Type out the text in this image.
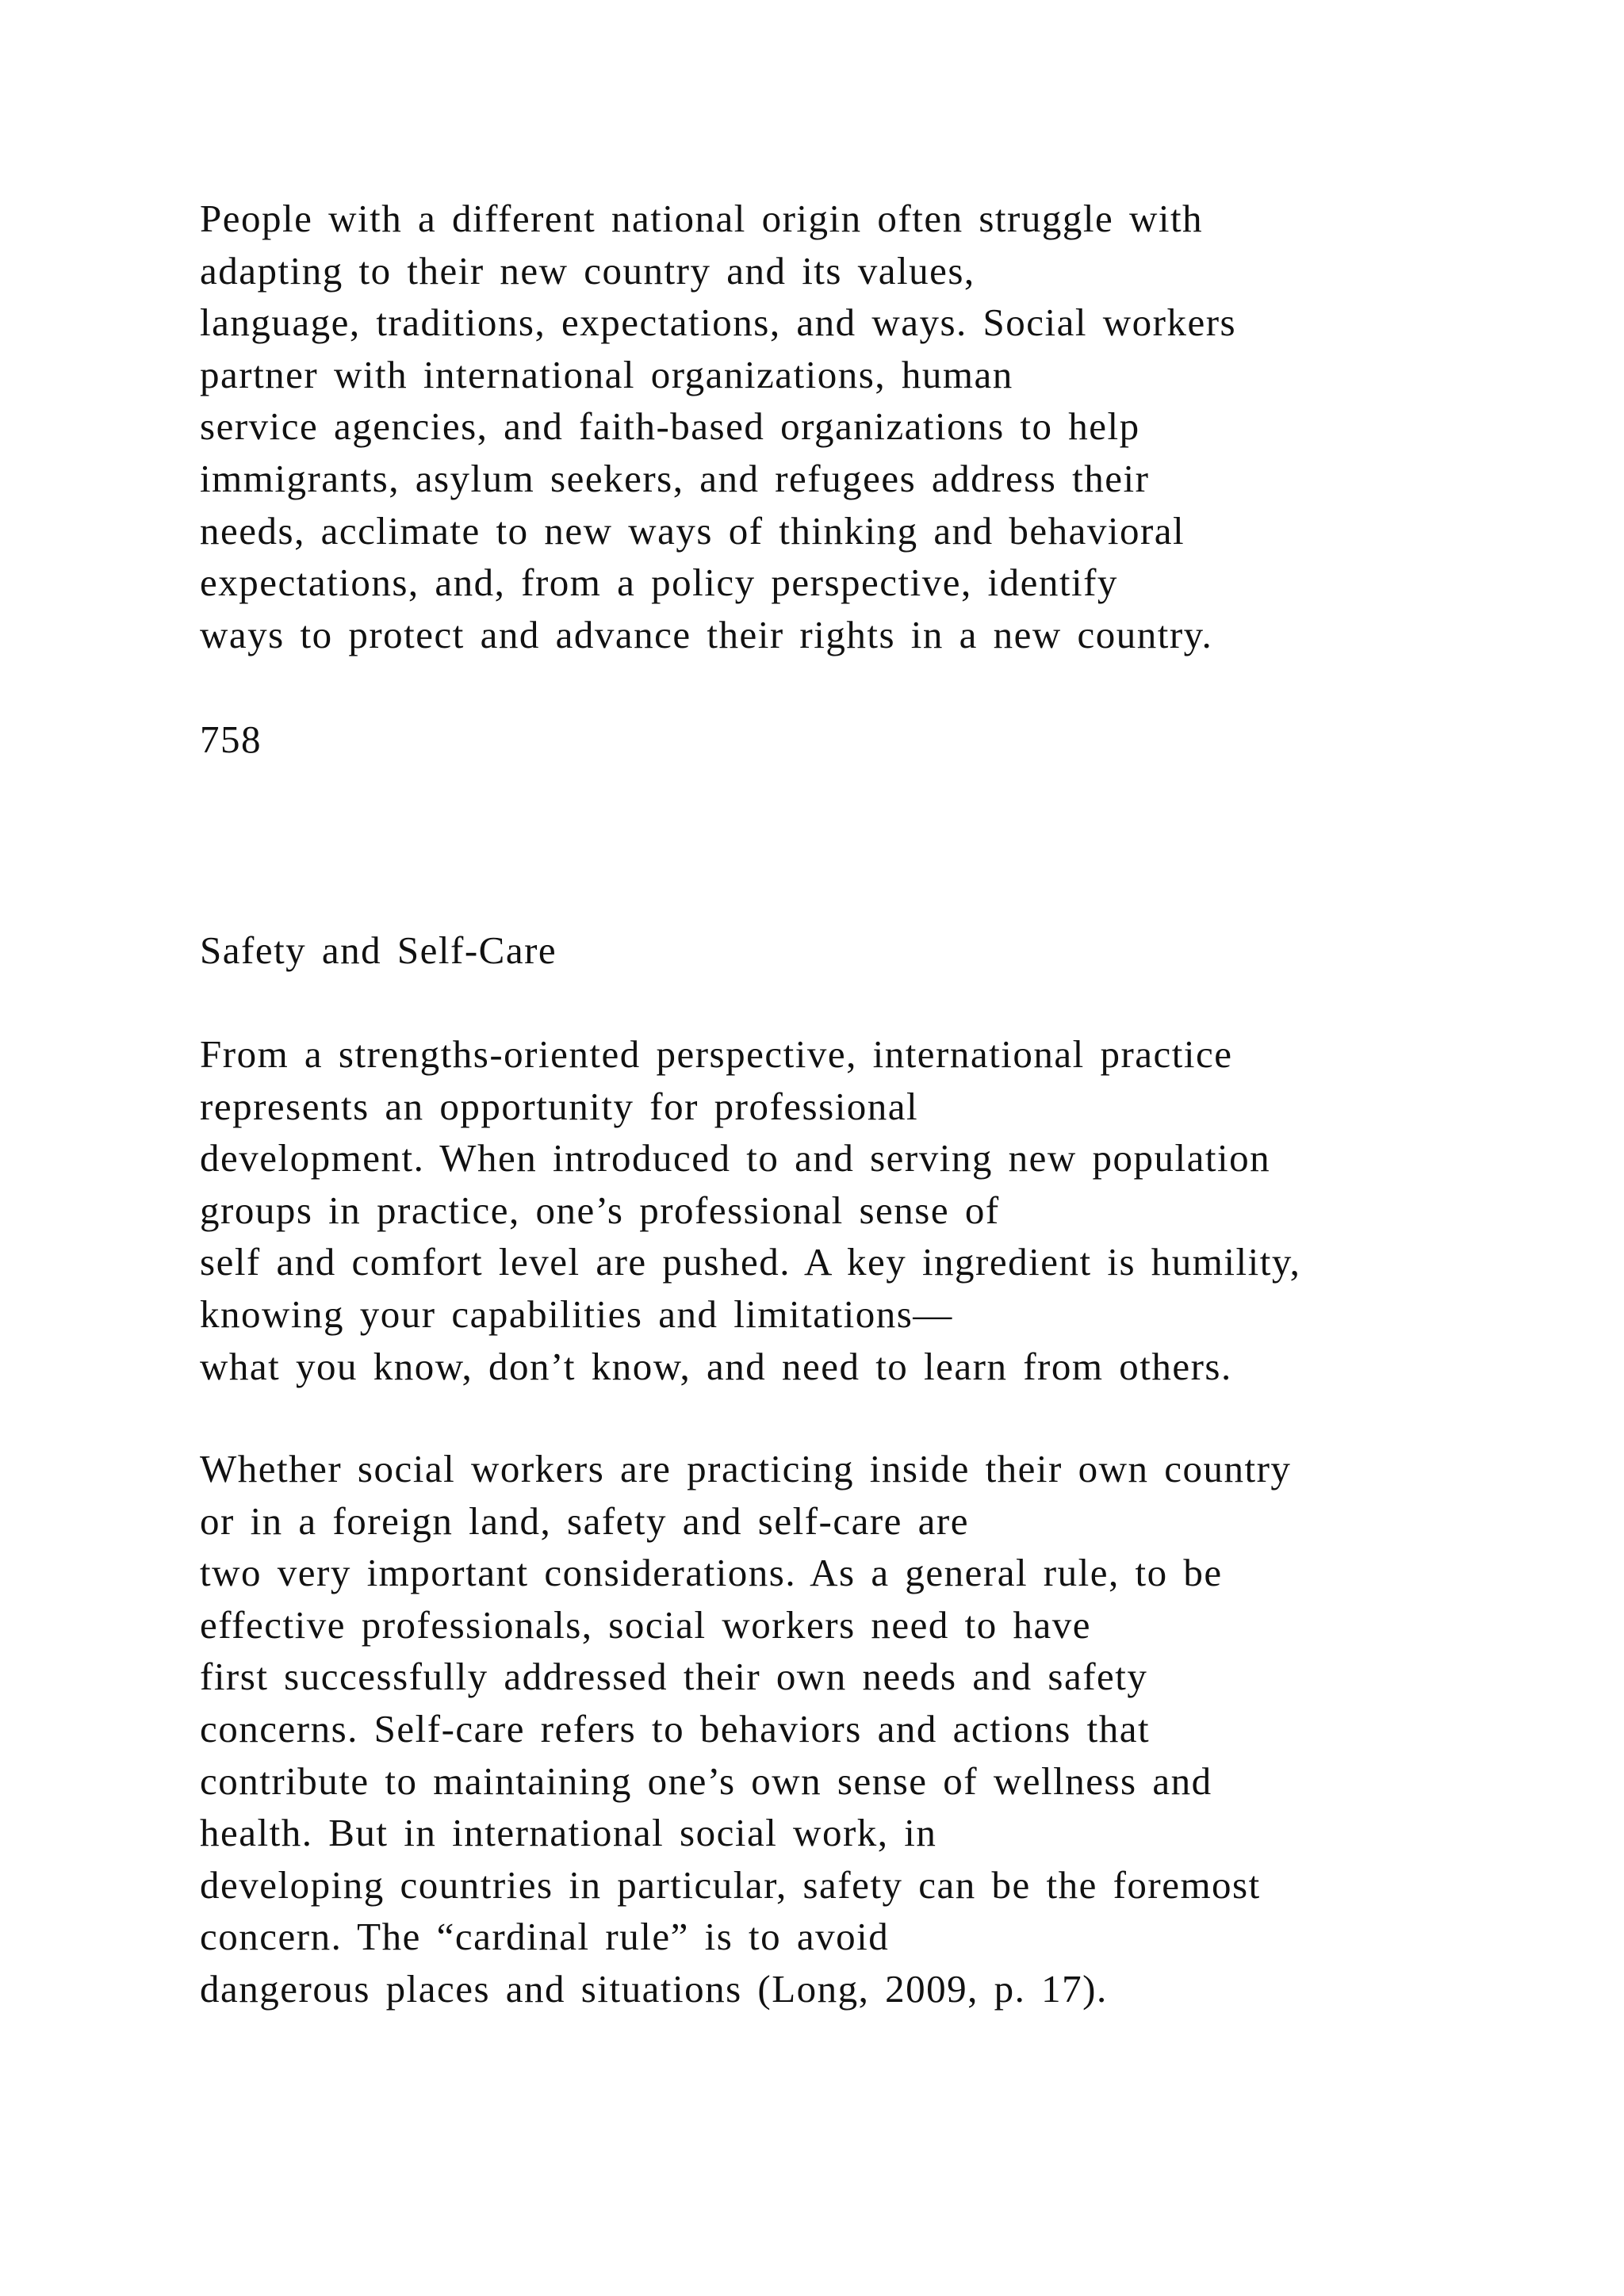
People with a different national origin often struggle with
adapting to their new country and its values,
language, traditions, expectations, and ways. Social workers
partner with international organizations, human
service agencies, and faith-based organizations to help
immigrants, asylum seekers, and refugees address their
needs, acclimate to new ways of thinking and behavioral
expectations, and, from a policy perspective, identify
ways to protect and advance their rights in a new country.

758

Safety and Self-Care

From a strengths-oriented perspective, international practice
represents an opportunity for professional
development. When introduced to and serving new population
groups in practice, one’s professional sense of
self and comfort level are pushed. A key ingredient is humility,
knowing your capabilities and limitations—
what you know, don’t know, and need to learn from others.

Whether social workers are practicing inside their own country
or in a foreign land, safety and self-care are
two very important considerations. As a general rule, to be
effective professionals, social workers need to have
first successfully addressed their own needs and safety
concerns. Self-care refers to behaviors and actions that
contribute to maintaining one’s own sense of wellness and
health. But in international social work, in
developing countries in particular, safety can be the foremost
concern. The “cardinal rule” is to avoid
dangerous places and situations (Long, 2009, p. 17).
